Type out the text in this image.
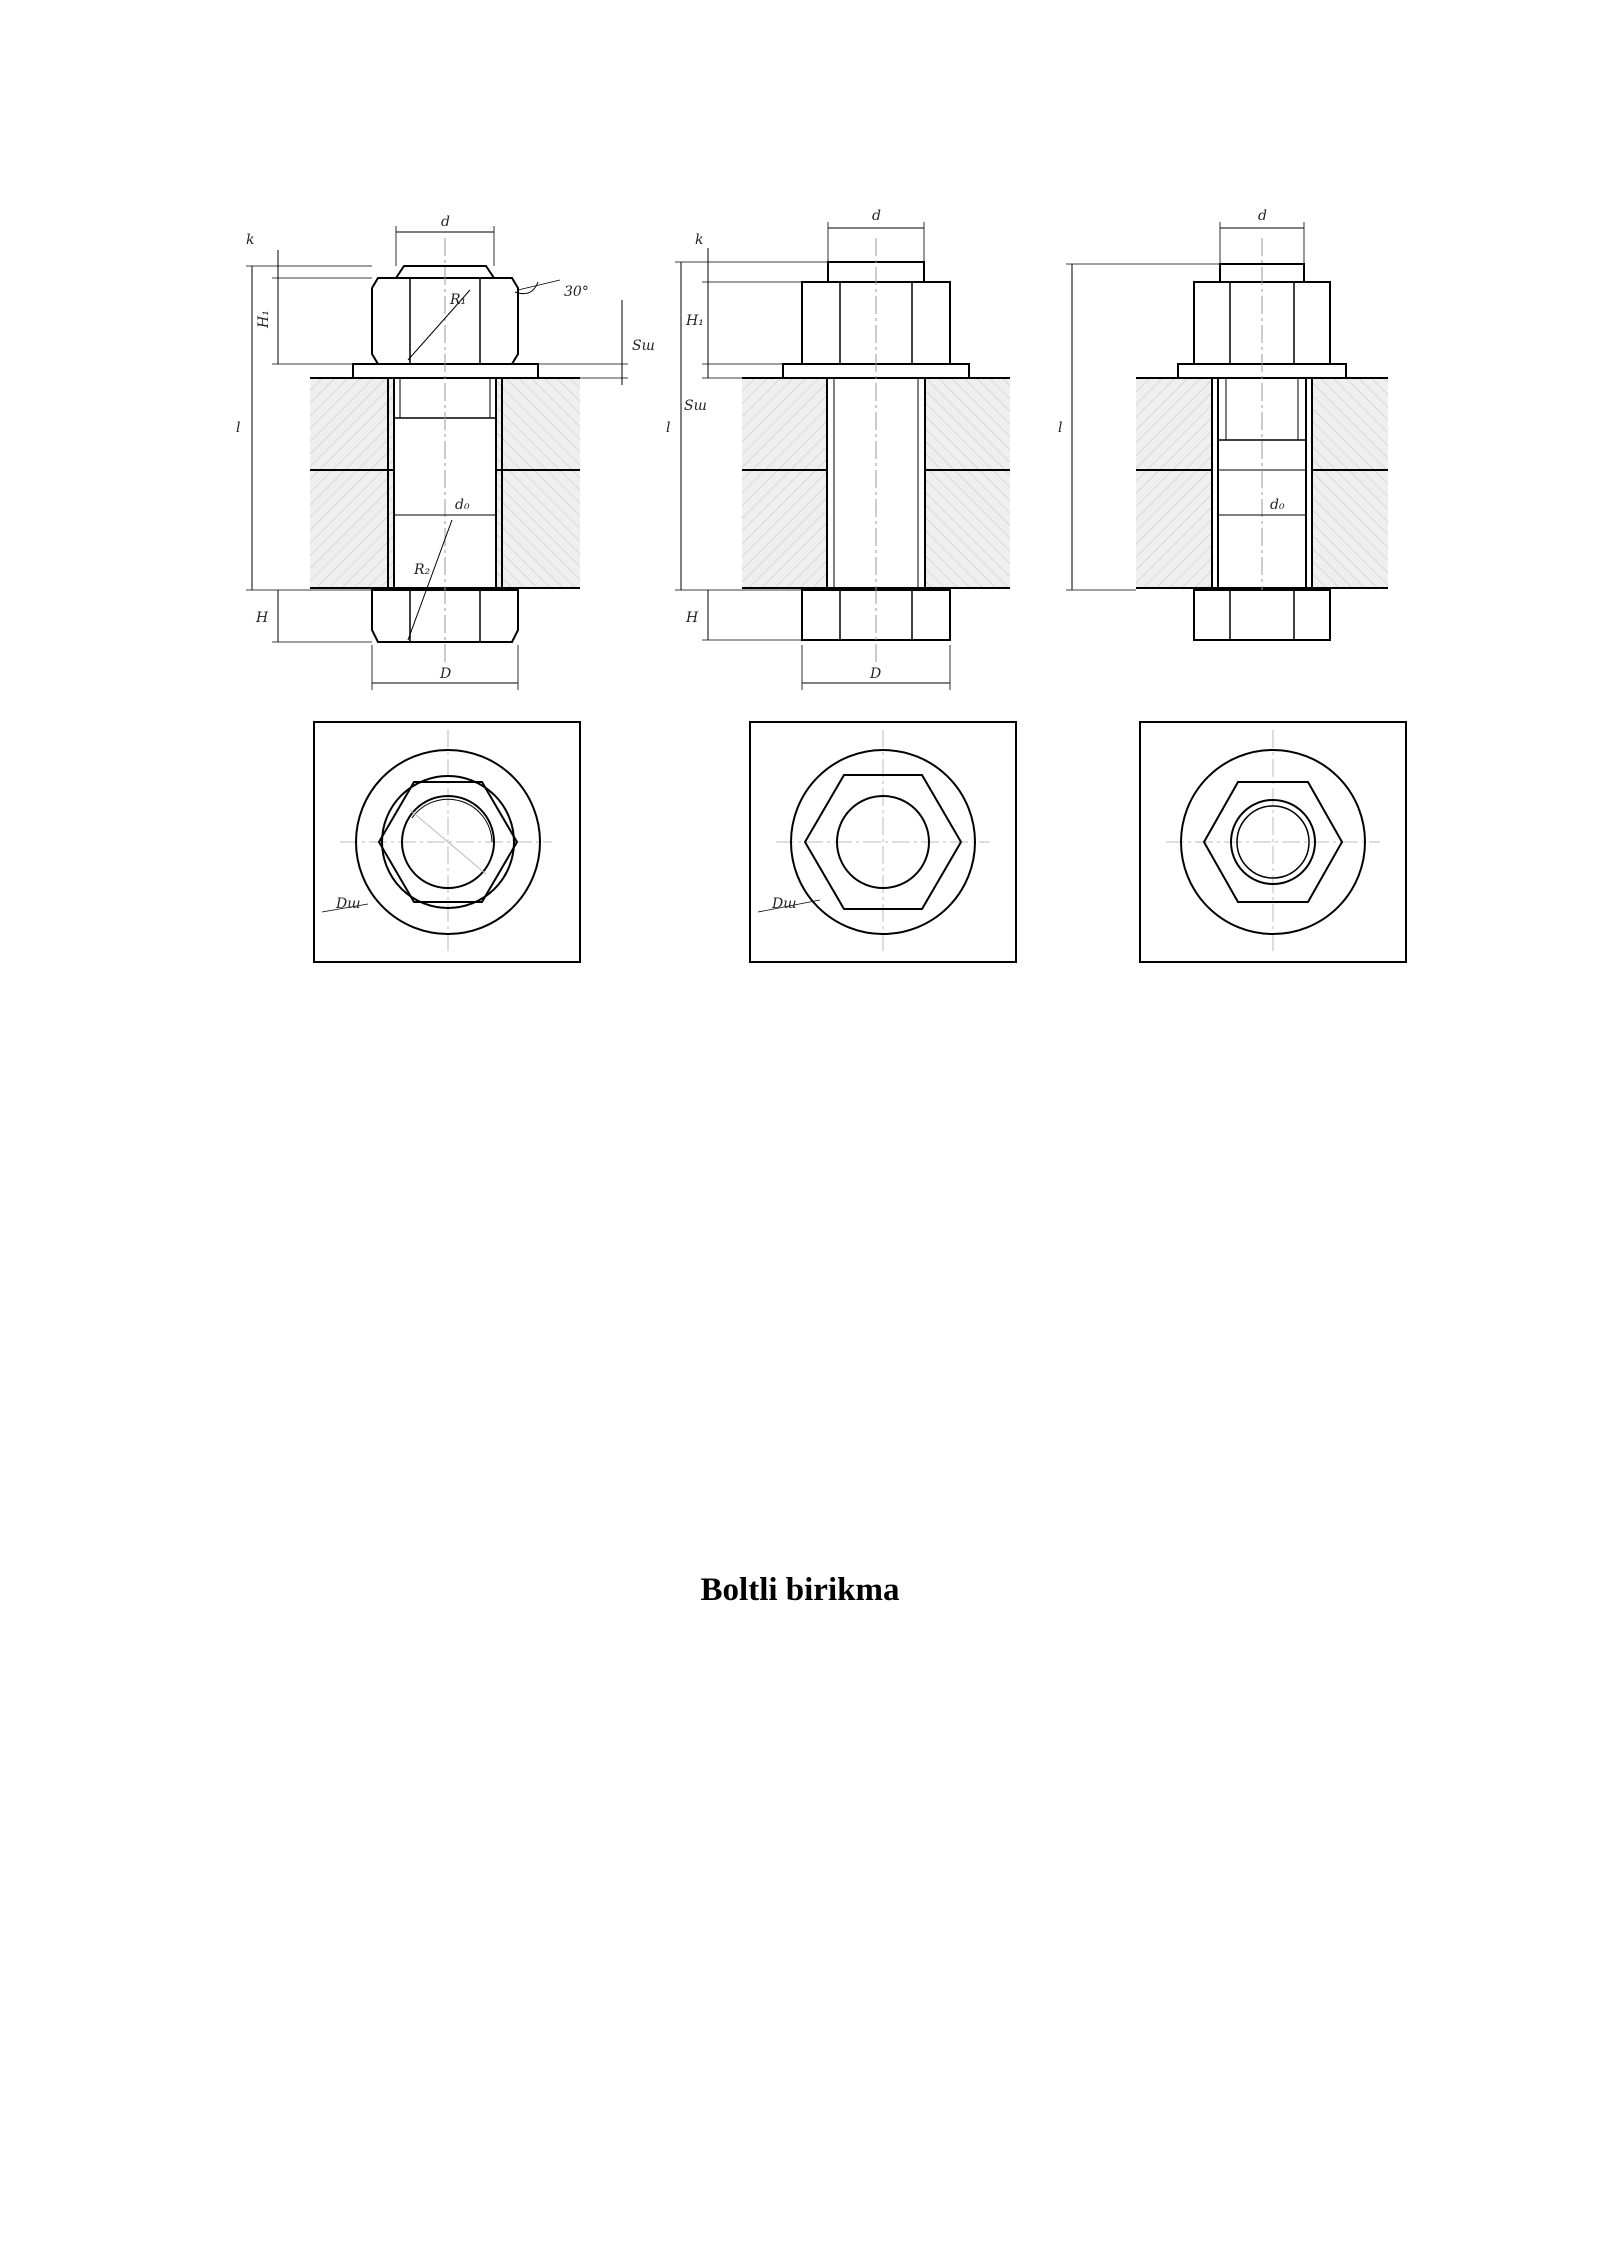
d
k
H₁
l
H
D
d₀
Sш
30°
R₁
R₂
d
k
H₁
l
Sш
H
D
d
l
d₀
Dш	Dш
Boltli birikma
